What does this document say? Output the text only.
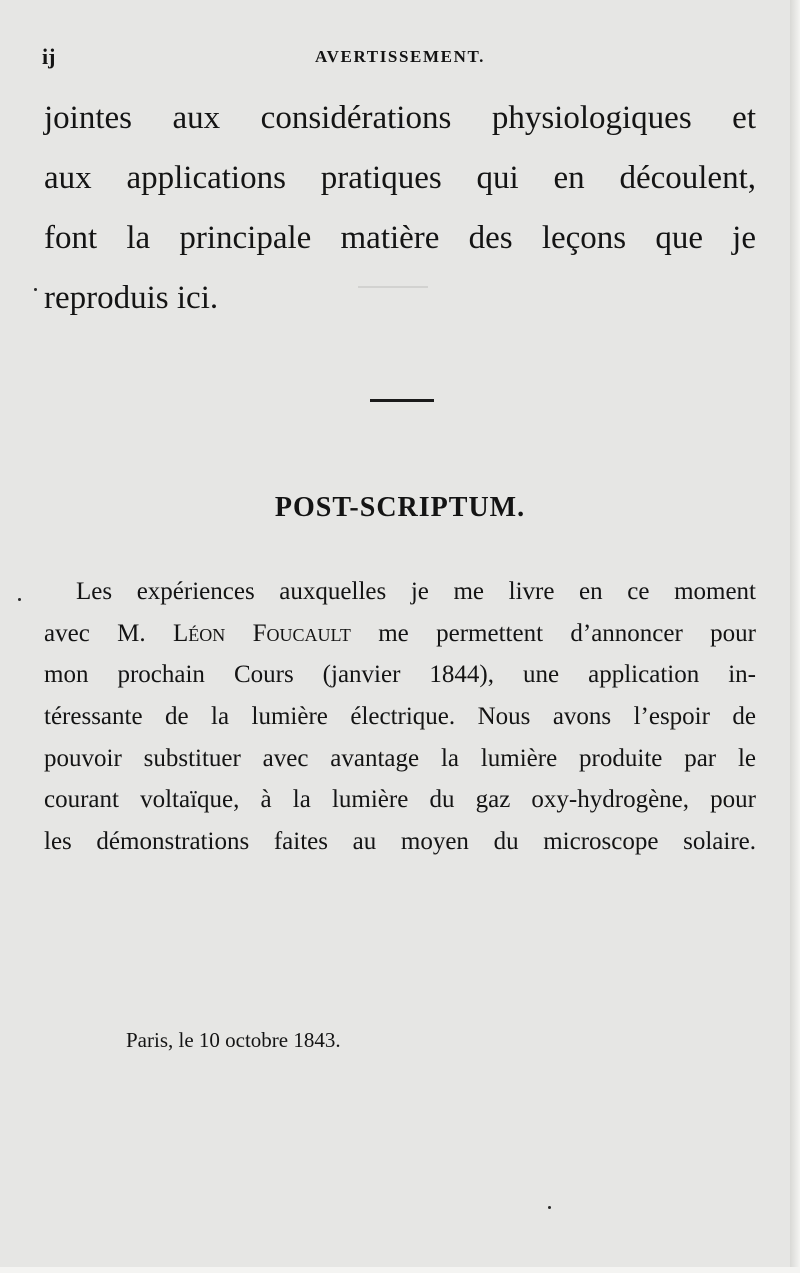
ij	AVERTISSEMENT.
jointes aux considérations physiologiques et
aux applications pratiques qui en découlent,
font la principale matière des leçons que je
reproduis ici.
POST-SCRIPTUM.
Les expériences auxquelles je me livre en ce moment
avec M. Léon Foucault me permettent d’annoncer pour
mon prochain Cours (janvier 1844), une application in-
téressante de la lumière électrique. Nous avons l’espoir de
pouvoir substituer avec avantage la lumière produite par le
courant voltaïque, à la lumière du gaz oxy-hydrogène, pour
les démonstrations faites au moyen du microscope solaire.
Paris, le 10 octobre 1843.
